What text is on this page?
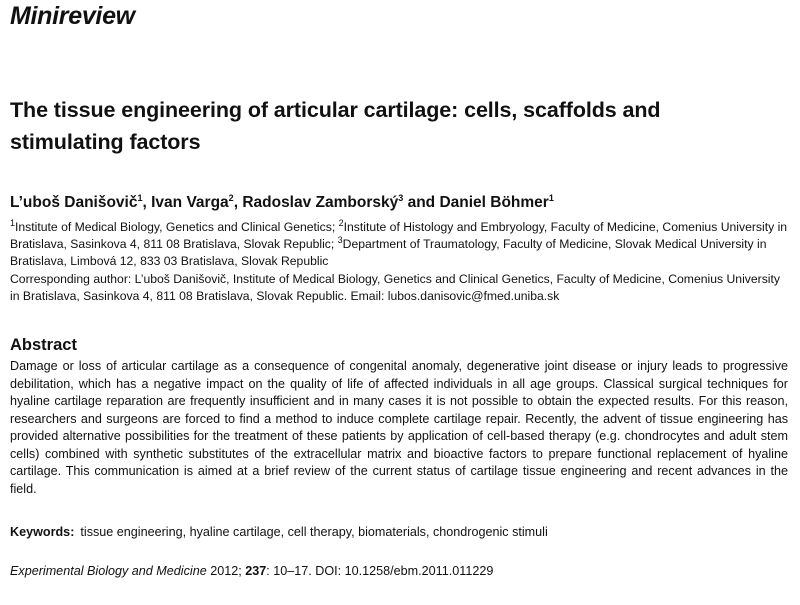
Minireview
The tissue engineering of articular cartilage: cells, scaffolds and stimulating factors
L’uboš Danišovič$^1$, Ivan Varga$^2$, Radoslav Zamborský$^3$ and Daniel Böhmer$^1$
$^1$Institute of Medical Biology, Genetics and Clinical Genetics; $^2$Institute of Histology and Embryology, Faculty of Medicine, Comenius University in Bratislava, Sasinkova 4, 811 08 Bratislava, Slovak Republic; $^3$Department of Traumatology, Faculty of Medicine, Slovak Medical University in Bratislava, Limbová 12, 833 03 Bratislava, Slovak Republic
Corresponding author: L’uboš Danišovič, Institute of Medical Biology, Genetics and Clinical Genetics, Faculty of Medicine, Comenius University in Bratislava, Sasinkova 4, 811 08 Bratislava, Slovak Republic. Email: lubos.danisovic@fmed.uniba.sk
Abstract
Damage or loss of articular cartilage as a consequence of congenital anomaly, degenerative joint disease or injury leads to progressive debilitation, which has a negative impact on the quality of life of affected individuals in all age groups. Classical surgical techniques for hyaline cartilage reparation are frequently insufficient and in many cases it is not possible to obtain the expected results. For this reason, researchers and surgeons are forced to find a method to induce complete cartilage repair. Recently, the advent of tissue engineering has provided alternative possibilities for the treatment of these patients by application of cell-based therapy (e.g. chondrocytes and adult stem cells) combined with synthetic substitutes of the extracellular matrix and bioactive factors to prepare functional replacement of hyaline cartilage. This communication is aimed at a brief review of the current status of cartilage tissue engineering and recent advances in the field.
Keywords: tissue engineering, hyaline cartilage, cell therapy, biomaterials, chondrogenic stimuli
Experimental Biology and Medicine 2012; 237: 10–17. DOI: 10.1258/ebm.2011.011229
